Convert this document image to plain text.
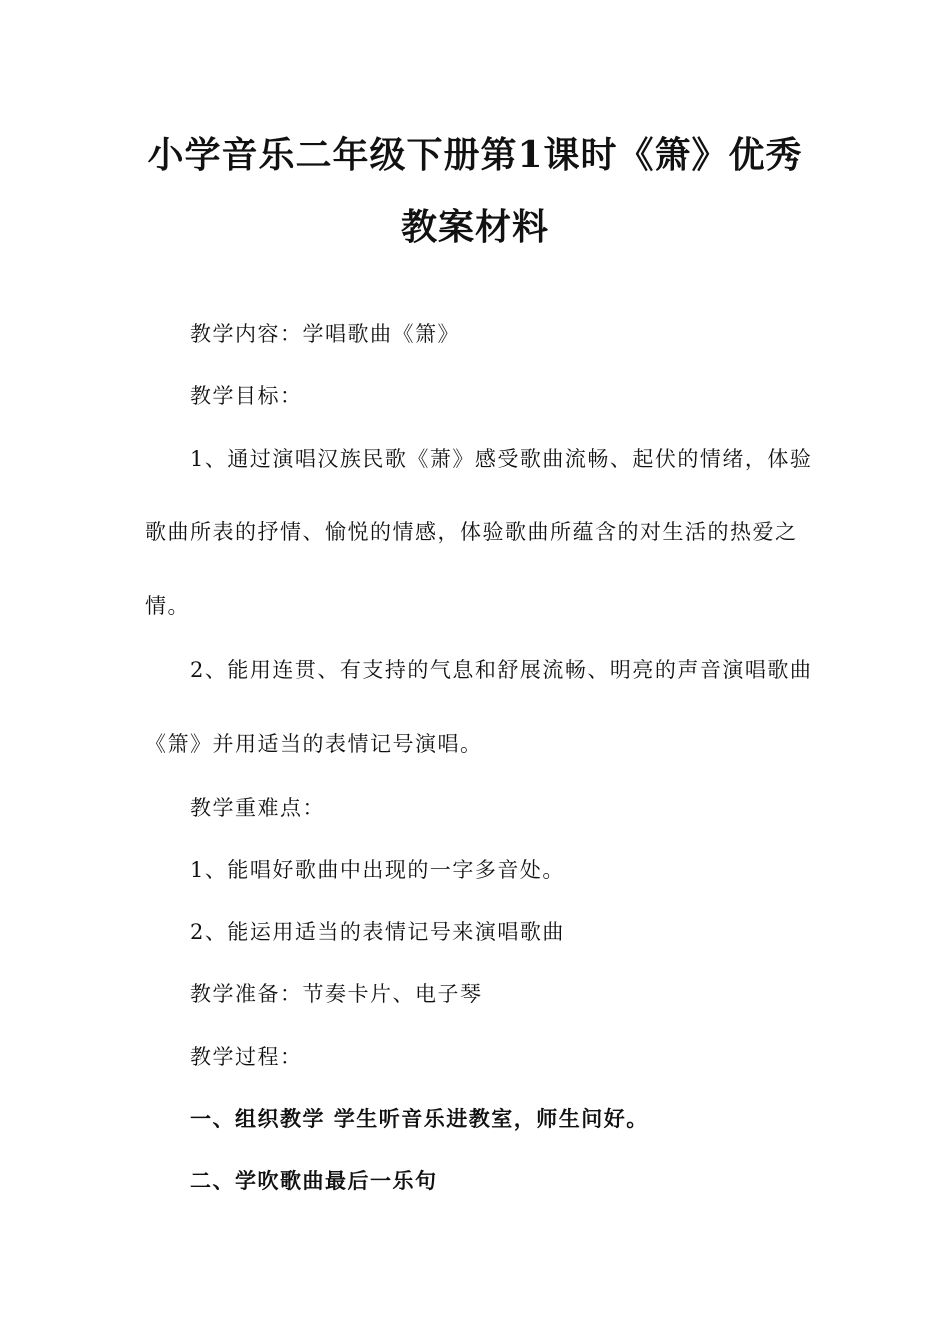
小学音乐二年级下册第1课时《箫》优秀
教案材料
教学内容：学唱歌曲《箫》
教学目标：
1、通过演唱汉族民歌《萧》感受歌曲流畅、起伏的情绪，体验
歌曲所表的抒情、愉悦的情感，体验歌曲所蕴含的对生活的热爱之
情。
2、能用连贯、有支持的气息和舒展流畅、明亮的声音演唱歌曲
《箫》并用适当的表情记号演唱。
教学重难点：
1、能唱好歌曲中出现的一字多音处。
2、能运用适当的表情记号来演唱歌曲
教学准备：节奏卡片、电子琴
教学过程：
一、组织教学 学生听音乐进教室，师生问好。
二、学吹歌曲最后一乐句
